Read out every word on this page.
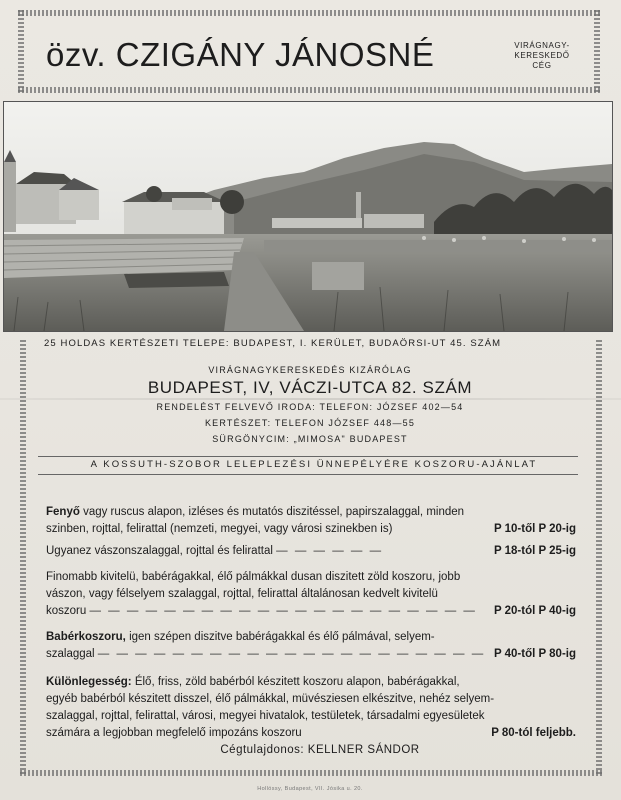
özv. CZIGÁNY JÁNOSNÉ	VIRÁGNAGY-
KERESKEDŐ
CÉG
25 HOLDAS KERTÉSZETI TELEPE: BUDAPEST, I. KERÜLET, BUDAÖRSI-UT 45. SZÁM
VIRÁGNAGYKERESKEDÉS KIZÁRÓLAG
BUDAPEST, IV, VÁCZI-UTCA 82. SZÁM
RENDELÉST FELVEVŐ IRODA: TELEFON: JÓZSEF 402—54
KERTÉSZET: TELEFON JÓZSEF 448—55
SÜRGÖNYCIM: „MIMOSA" BUDAPEST
A KOSSUTH-SZOBOR LELEPLEZÉSI ÜNNEPÉLYÉRE KOSZORU-AJÁNLAT
Fenyő vagy ruscus alapon, izléses és mutatós diszitéssel, papirszalaggal, minden
szinben, rojttal, felirattal (nemzeti, megyei, vagy városi szinekben is)	P 10-től P 20-ig
Ugyanez vászonszalaggal, rojttal és felirattal — — — — — —	P 18-tól P 25-ig
Finomabb kivitelü, babérágakkal, élő pálmákkal dusan diszitett zöld koszoru, jobb
vászon, vagy félselyem szalaggal, rojttal, felirattal általánosan kedvelt kivitelü
koszoru — — — — — — — — — — — — — — — — — — — — — P 20-tól P 40-ig
Babérkoszoru, igen szépen diszitve babérágakkal és élő pálmával, selyem-
szalaggal — — — — — — — — — — — — — — — — — — — — — P 40-től P 80-ig
Különlegesség: Élő, friss, zöld babérból készitett koszoru alapon, babérágakkal,
egyéb babérból készitett disszel, élő pálmákkal, müvésziesen elkészitve, nehéz selyem-
szalaggal, rojttal, felirattal, városi, megyei hivatalok, testületek, társadalmi egyesületek
számára a legjobban megfelelő impozáns koszoru	P 80-tól feljebb.
Cégtulajdonos: KELLNER SÁNDOR
Hollóssy, Budapest, VII. Jósika u. 20.
